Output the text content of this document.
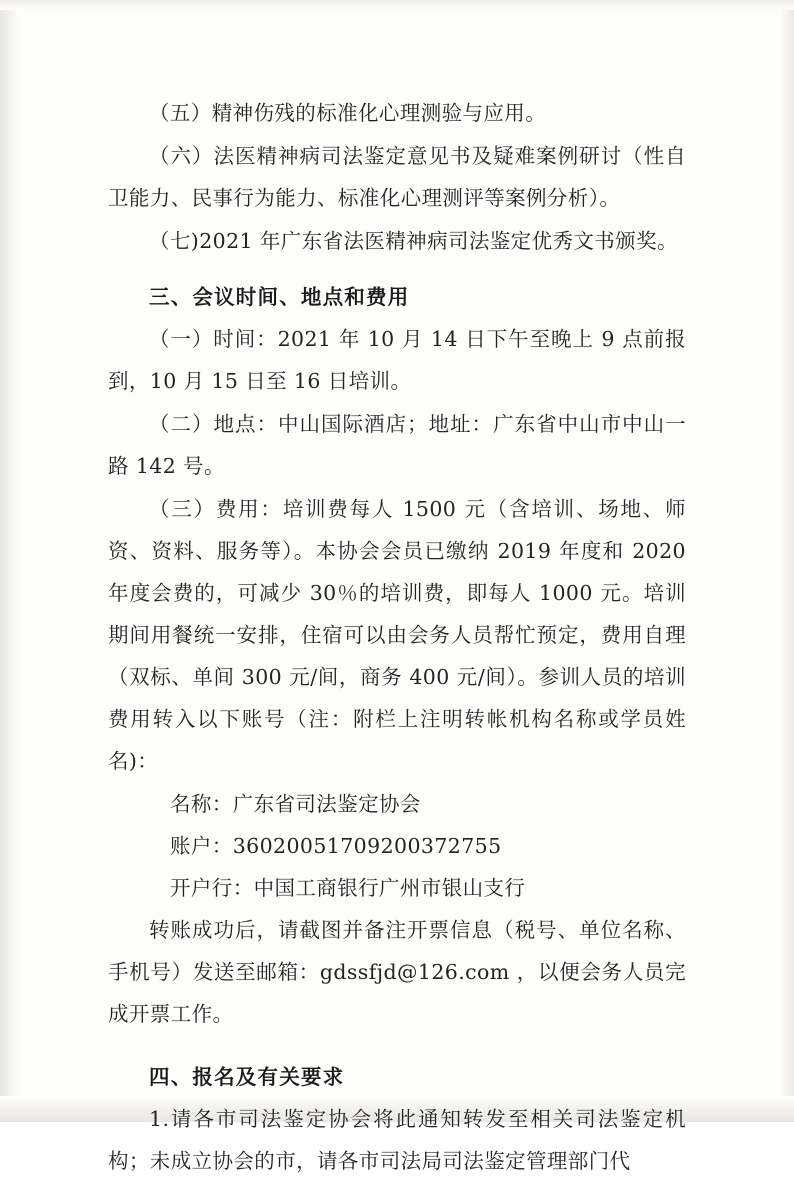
（五）精神伤残的标准化心理测验与应用。

（六）法医精神病司法鉴定意见书及疑难案例研讨（性自卫能力、民事行为能力、标准化心理测评等案例分析）。

（七)2021 年广东省法医精神病司法鉴定优秀文书颁奖。

三、会议时间、地点和费用

（一）时间：2021 年 10 月 14 日下午至晚上 9 点前报到，10 月 15 日至 16 日培训。

（二）地点：中山国际酒店；地址：广东省中山市中山一路 142 号。

（三）费用：培训费每人 1500 元（含培训、场地、师资、资料、服务等）。本协会会员已缴纳 2019 年度和 2020 年度会费的，可减少 30％的培训费，即每人 1000 元。培训期间用餐统一安排，住宿可以由会务人员帮忙预定，费用自理（双标、单间 300 元/间，商务 400 元/间）。参训人员的培训费用转入以下账号（注：附栏上注明转帐机构名称或学员姓名)：

名称：广东省司法鉴定协会

账户：36020051709200372755

开户行：中国工商银行广州市银山支行

转账成功后，请截图并备注开票信息（税号、单位名称、手机号）发送至邮箱：gdssfjd@126.com ，以便会务人员完成开票工作。

四、报名及有关要求

1.请各市司法鉴定协会将此通知转发至相关司法鉴定机构；未成立协会的市，请各市司法局司法鉴定管理部门代
